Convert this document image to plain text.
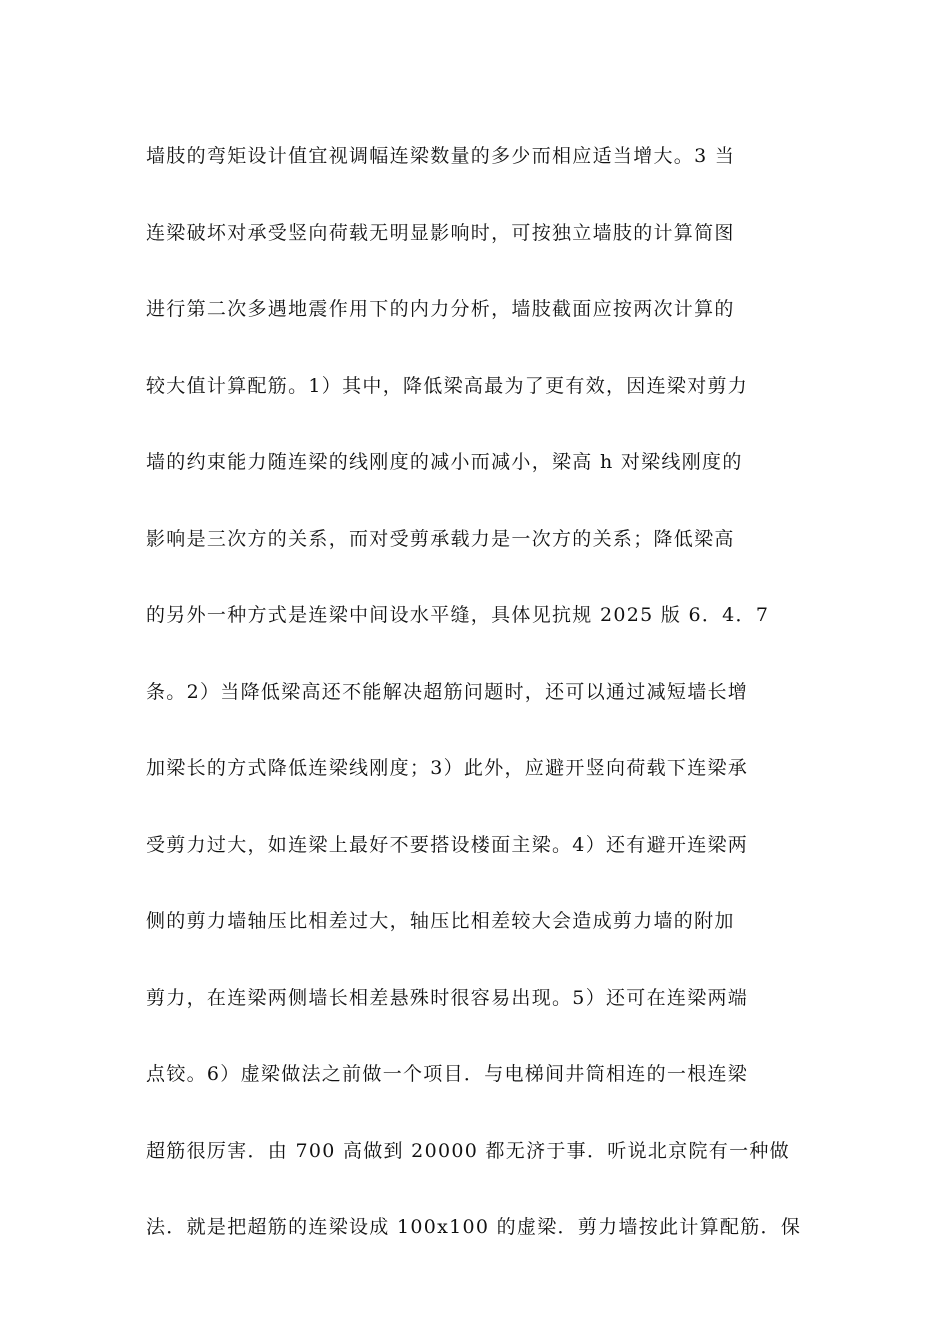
墙肢的弯矩设计值宜视调幅连梁数量的多少而相应适当增大。3 当
连梁破坏对承受竖向荷载无明显影响时，可按独立墙肢的计算简图
进行第二次多遇地震作用下的内力分析，墙肢截面应按两次计算的
较大值计算配筋。1）其中，降低梁高最为了更有效，因连梁对剪力
墙的约束能力随连梁的线刚度的减小而减小，梁高 h 对梁线刚度的
影响是三次方的关系，而对受剪承载力是一次方的关系；降低梁高
的另外一种方式是连梁中间设水平缝，具体见抗规 2025 版 6．4．7
条。2）当降低梁高还不能解决超筋问题时，还可以通过减短墙长增
加梁长的方式降低连梁线刚度；3）此外，应避开竖向荷载下连梁承
受剪力过大，如连梁上最好不要搭设楼面主梁。4）还有避开连梁两
侧的剪力墙轴压比相差过大，轴压比相差较大会造成剪力墙的附加
剪力，在连梁两侧墙长相差悬殊时很容易出现。5）还可在连梁两端
点铰。6）虚梁做法之前做一个项目．与电梯间井筒相连的一根连梁
超筋很厉害．由 700 高做到 20000 都无济于事．听说北京院有一种做
法．就是把超筋的连梁设成 100x100 的虚梁．剪力墙按此计算配筋．保
